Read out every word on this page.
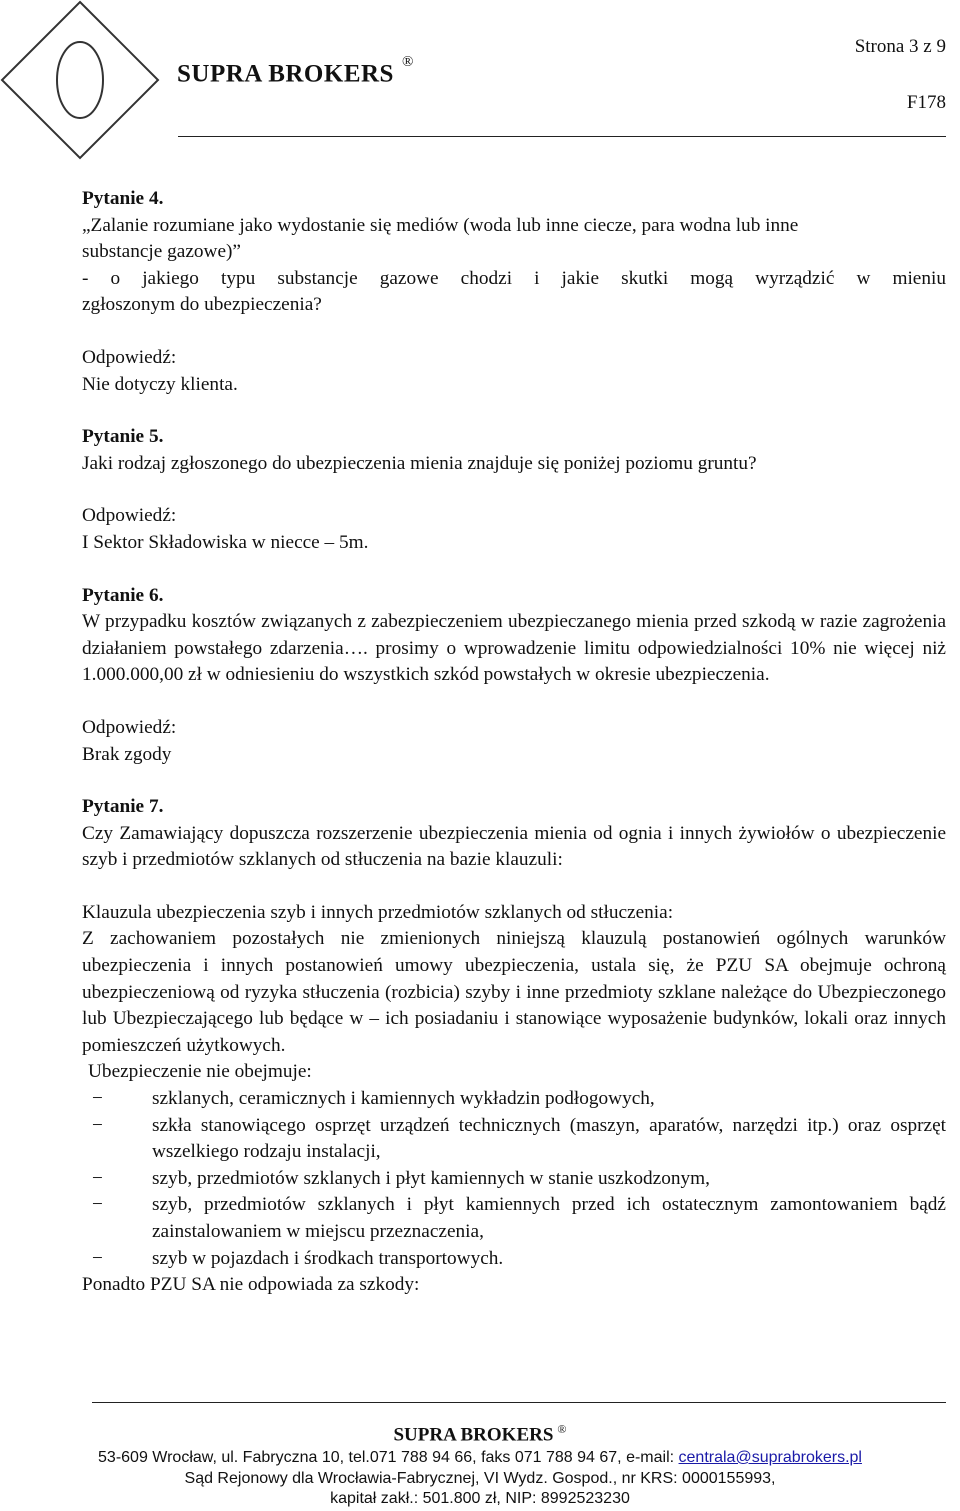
SUPRA BROKERS ®
Strona 3 z 9
F178

Pytanie 4.

„Zalanie rozumiane jako wydostanie się mediów (woda lub inne ciecze, para wodna lub inne

substancje gazowe)”

- o jakiego typu substancje gazowe chodzi i jakie skutki mogą wyrządzić w mieniu

zgłoszonym do ubezpieczenia?

Odpowiedź:

Nie dotyczy klienta.

Pytanie 5.

Jaki rodzaj zgłoszonego do ubezpieczenia mienia znajduje się poniżej poziomu gruntu?

Odpowiedź:

I Sektor Składowiska w niecce – 5m.

Pytanie 6.

W przypadku kosztów związanych z zabezpieczeniem ubezpieczanego mienia przed szkodą w razie zagrożenia działaniem powstałego zdarzenia…. prosimy o wprowadzenie limitu odpowiedzialności 10% nie więcej niż 1.000.000,00 zł w odniesieniu do wszystkich szkód powstałych w okresie ubezpieczenia.

Odpowiedź:

Brak zgody

Pytanie 7.

Czy Zamawiający dopuszcza rozszerzenie ubezpieczenia mienia od ognia i innych żywiołów o ubezpieczenie szyb i przedmiotów szklanych od stłuczenia na bazie klauzuli:

Klauzula ubezpieczenia szyb i innych przedmiotów szklanych od stłuczenia:

Z zachowaniem pozostałych nie zmienionych niniejszą klauzulą postanowień ogólnych warunków ubezpieczenia i innych postanowień umowy ubezpieczenia, ustala się, że PZU SA obejmuje ochroną ubezpieczeniową od ryzyka stłuczenia (rozbicia) szyby i inne przedmioty szklane należące do Ubezpieczonego lub Ubezpieczającego lub będące w – ich posiadaniu i stanowiące wyposażenie budynków, lokali oraz innych pomieszczeń użytkowych.

Ubezpieczenie nie obejmuje:

−	szklanych, ceramicznych i kamiennych wykładzin podłogowych,
−	szkła stanowiącego osprzęt urządzeń technicznych (maszyn, aparatów, narzędzi itp.) oraz osprzęt wszelkiego rodzaju instalacji,
−	szyb, przedmiotów szklanych i płyt kamiennych w stanie uszkodzonym,
−	szyb, przedmiotów szklanych i płyt kamiennych przed ich ostatecznym zamontowaniem bądź zainstalowaniem w miejscu przeznaczenia,
−	szyb w pojazdach i środkach transportowych.

Ponadto PZU SA nie odpowiada za szkody:

SUPRA BROKERS ®
53-609 Wrocław, ul. Fabryczna 10, tel.071 788 94 66, faks 071 788 94 67, e-mail: centrala@suprabrokers.pl
Sąd Rejonowy dla Wrocławia-Fabrycznej, VI Wydz. Gospod., nr KRS: 0000155993,
kapitał zakł.: 501.800 zł, NIP: 8992523230
